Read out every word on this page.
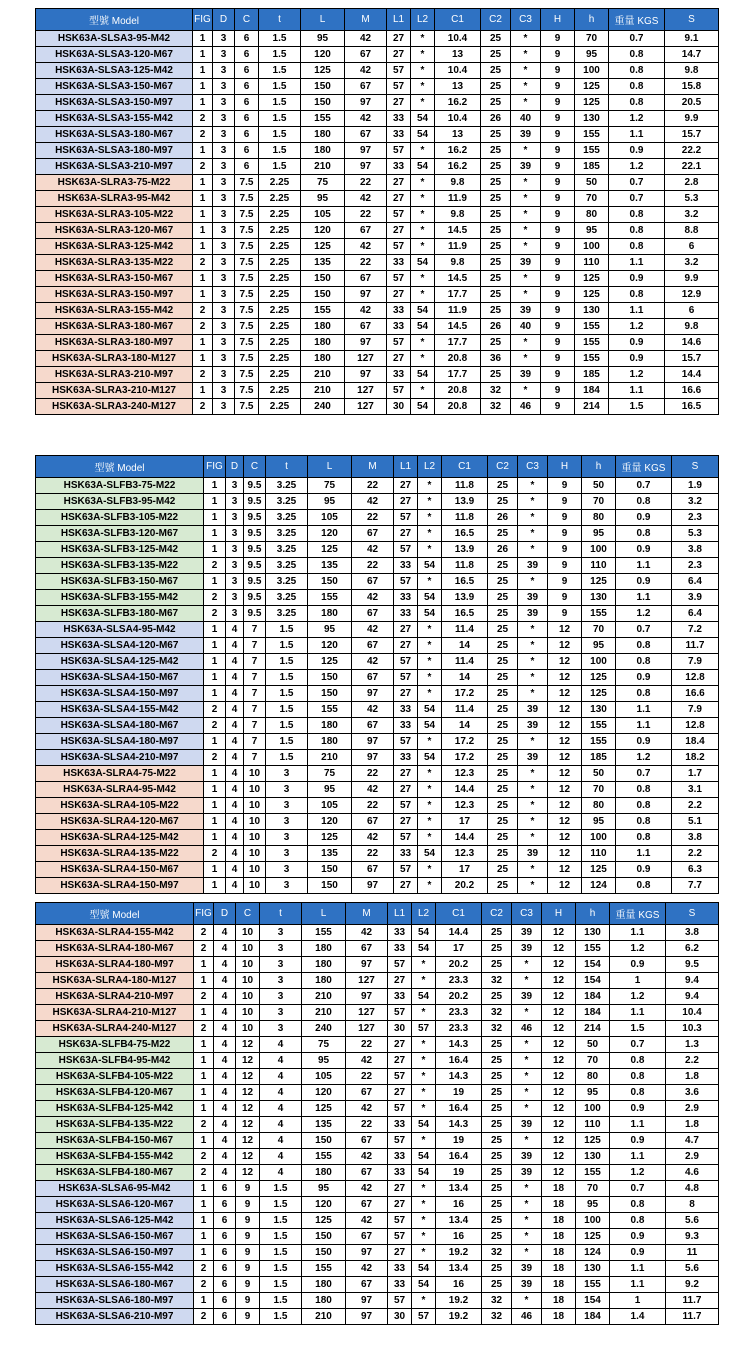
型號 Model	FIG	D	C	t	L	M	L1	L2	C1	C2	C3	H	h	重量 KGS	S
HSK63A-SLSA3-95-M42	1	3	6	1.5	95	42	27	*	10.4	25	*	9	70	0.7	9.1
HSK63A-SLSA3-120-M67	1	3	6	1.5	120	67	27	*	13	25	*	9	95	0.8	14.7
HSK63A-SLSA3-125-M42	1	3	6	1.5	125	42	57	*	10.4	25	*	9	100	0.8	9.8
HSK63A-SLSA3-150-M67	1	3	6	1.5	150	67	57	*	13	25	*	9	125	0.8	15.8
HSK63A-SLSA3-150-M97	1	3	6	1.5	150	97	27	*	16.2	25	*	9	125	0.8	20.5
HSK63A-SLSA3-155-M42	2	3	6	1.5	155	42	33	54	10.4	26	40	9	130	1.2	9.9
HSK63A-SLSA3-180-M67	2	3	6	1.5	180	67	33	54	13	25	39	9	155	1.1	15.7
HSK63A-SLSA3-180-M97	1	3	6	1.5	180	97	57	*	16.2	25	*	9	155	0.9	22.2
HSK63A-SLSA3-210-M97	2	3	6	1.5	210	97	33	54	16.2	25	39	9	185	1.2	22.1
HSK63A-SLRA3-75-M22	1	3	7.5	2.25	75	22	27	*	9.8	25	*	9	50	0.7	2.8
HSK63A-SLRA3-95-M42	1	3	7.5	2.25	95	42	27	*	11.9	25	*	9	70	0.7	5.3
HSK63A-SLRA3-105-M22	1	3	7.5	2.25	105	22	57	*	9.8	25	*	9	80	0.8	3.2
HSK63A-SLRA3-120-M67	1	3	7.5	2.25	120	67	27	*	14.5	25	*	9	95	0.8	8.8
HSK63A-SLRA3-125-M42	1	3	7.5	2.25	125	42	57	*	11.9	25	*	9	100	0.8	6
HSK63A-SLRA3-135-M22	2	3	7.5	2.25	135	22	33	54	9.8	25	39	9	110	1.1	3.2
HSK63A-SLRA3-150-M67	1	3	7.5	2.25	150	67	57	*	14.5	25	*	9	125	0.9	9.9
HSK63A-SLRA3-150-M97	1	3	7.5	2.25	150	97	27	*	17.7	25	*	9	125	0.8	12.9
HSK63A-SLRA3-155-M42	2	3	7.5	2.25	155	42	33	54	11.9	25	39	9	130	1.1	6
HSK63A-SLRA3-180-M67	2	3	7.5	2.25	180	67	33	54	14.5	26	40	9	155	1.2	9.8
HSK63A-SLRA3-180-M97	1	3	7.5	2.25	180	97	57	*	17.7	25	*	9	155	0.9	14.6
HSK63A-SLRA3-180-M127	1	3	7.5	2.25	180	127	27	*	20.8	36	*	9	155	0.9	15.7
HSK63A-SLRA3-210-M97	2	3	7.5	2.25	210	97	33	54	17.7	25	39	9	185	1.2	14.4
HSK63A-SLRA3-210-M127	1	3	7.5	2.25	210	127	57	*	20.8	32	*	9	184	1.1	16.6
HSK63A-SLRA3-240-M127	2	3	7.5	2.25	240	127	30	54	20.8	32	46	9	214	1.5	16.5
型號 Model	FIG	D	C	t	L	M	L1	L2	C1	C2	C3	H	h	重量 KGS	S
HSK63A-SLFB3-75-M22	1	3	9.5	3.25	75	22	27	*	11.8	25	*	9	50	0.7	1.9
HSK63A-SLFB3-95-M42	1	3	9.5	3.25	95	42	27	*	13.9	25	*	9	70	0.8	3.2
HSK63A-SLFB3-105-M22	1	3	9.5	3.25	105	22	57	*	11.8	26	*	9	80	0.9	2.3
HSK63A-SLFB3-120-M67	1	3	9.5	3.25	120	67	27	*	16.5	25	*	9	95	0.8	5.3
HSK63A-SLFB3-125-M42	1	3	9.5	3.25	125	42	57	*	13.9	26	*	9	100	0.9	3.8
HSK63A-SLFB3-135-M22	2	3	9.5	3.25	135	22	33	54	11.8	25	39	9	110	1.1	2.3
HSK63A-SLFB3-150-M67	1	3	9.5	3.25	150	67	57	*	16.5	25	*	9	125	0.9	6.4
HSK63A-SLFB3-155-M42	2	3	9.5	3.25	155	42	33	54	13.9	25	39	9	130	1.1	3.9
HSK63A-SLFB3-180-M67	2	3	9.5	3.25	180	67	33	54	16.5	25	39	9	155	1.2	6.4
HSK63A-SLSA4-95-M42	1	4	7	1.5	95	42	27	*	11.4	25	*	12	70	0.7	7.2
HSK63A-SLSA4-120-M67	1	4	7	1.5	120	67	27	*	14	25	*	12	95	0.8	11.7
HSK63A-SLSA4-125-M42	1	4	7	1.5	125	42	57	*	11.4	25	*	12	100	0.8	7.9
HSK63A-SLSA4-150-M67	1	4	7	1.5	150	67	57	*	14	25	*	12	125	0.9	12.8
HSK63A-SLSA4-150-M97	1	4	7	1.5	150	97	27	*	17.2	25	*	12	125	0.8	16.6
HSK63A-SLSA4-155-M42	2	4	7	1.5	155	42	33	54	11.4	25	39	12	130	1.1	7.9
HSK63A-SLSA4-180-M67	2	4	7	1.5	180	67	33	54	14	25	39	12	155	1.1	12.8
HSK63A-SLSA4-180-M97	1	4	7	1.5	180	97	57	*	17.2	25	*	12	155	0.9	18.4
HSK63A-SLSA4-210-M97	2	4	7	1.5	210	97	33	54	17.2	25	39	12	185	1.2	18.2
HSK63A-SLRA4-75-M22	1	4	10	3	75	22	27	*	12.3	25	*	12	50	0.7	1.7
HSK63A-SLRA4-95-M42	1	4	10	3	95	42	27	*	14.4	25	*	12	70	0.8	3.1
HSK63A-SLRA4-105-M22	1	4	10	3	105	22	57	*	12.3	25	*	12	80	0.8	2.2
HSK63A-SLRA4-120-M67	1	4	10	3	120	67	27	*	17	25	*	12	95	0.8	5.1
HSK63A-SLRA4-125-M42	1	4	10	3	125	42	57	*	14.4	25	*	12	100	0.8	3.8
HSK63A-SLRA4-135-M22	2	4	10	3	135	22	33	54	12.3	25	39	12	110	1.1	2.2
HSK63A-SLRA4-150-M67	1	4	10	3	150	67	57	*	17	25	*	12	125	0.9	6.3
HSK63A-SLRA4-150-M97	1	4	10	3	150	97	27	*	20.2	25	*	12	124	0.8	7.7
型號 Model	FIG	D	C	t	L	M	L1	L2	C1	C2	C3	H	h	重量 KGS	S
HSK63A-SLRA4-155-M42	2	4	10	3	155	42	33	54	14.4	25	39	12	130	1.1	3.8
HSK63A-SLRA4-180-M67	2	4	10	3	180	67	33	54	17	25	39	12	155	1.2	6.2
HSK63A-SLRA4-180-M97	1	4	10	3	180	97	57	*	20.2	25	*	12	154	0.9	9.5
HSK63A-SLRA4-180-M127	1	4	10	3	180	127	27	*	23.3	32	*	12	154	1	9.4
HSK63A-SLRA4-210-M97	2	4	10	3	210	97	33	54	20.2	25	39	12	184	1.2	9.4
HSK63A-SLRA4-210-M127	1	4	10	3	210	127	57	*	23.3	32	*	12	184	1.1	10.4
HSK63A-SLRA4-240-M127	2	4	10	3	240	127	30	57	23.3	32	46	12	214	1.5	10.3
HSK63A-SLFB4-75-M22	1	4	12	4	75	22	27	*	14.3	25	*	12	50	0.7	1.3
HSK63A-SLFB4-95-M42	1	4	12	4	95	42	27	*	16.4	25	*	12	70	0.8	2.2
HSK63A-SLFB4-105-M22	1	4	12	4	105	22	57	*	14.3	25	*	12	80	0.8	1.8
HSK63A-SLFB4-120-M67	1	4	12	4	120	67	27	*	19	25	*	12	95	0.8	3.6
HSK63A-SLFB4-125-M42	1	4	12	4	125	42	57	*	16.4	25	*	12	100	0.9	2.9
HSK63A-SLFB4-135-M22	2	4	12	4	135	22	33	54	14.3	25	39	12	110	1.1	1.8
HSK63A-SLFB4-150-M67	1	4	12	4	150	67	57	*	19	25	*	12	125	0.9	4.7
HSK63A-SLFB4-155-M42	2	4	12	4	155	42	33	54	16.4	25	39	12	130	1.1	2.9
HSK63A-SLFB4-180-M67	2	4	12	4	180	67	33	54	19	25	39	12	155	1.2	4.6
HSK63A-SLSA6-95-M42	1	6	9	1.5	95	42	27	*	13.4	25	*	18	70	0.7	4.8
HSK63A-SLSA6-120-M67	1	6	9	1.5	120	67	27	*	16	25	*	18	95	0.8	8
HSK63A-SLSA6-125-M42	1	6	9	1.5	125	42	57	*	13.4	25	*	18	100	0.8	5.6
HSK63A-SLSA6-150-M67	1	6	9	1.5	150	67	57	*	16	25	*	18	125	0.9	9.3
HSK63A-SLSA6-150-M97	1	6	9	1.5	150	97	27	*	19.2	32	*	18	124	0.9	11
HSK63A-SLSA6-155-M42	2	6	9	1.5	155	42	33	54	13.4	25	39	18	130	1.1	5.6
HSK63A-SLSA6-180-M67	2	6	9	1.5	180	67	33	54	16	25	39	18	155	1.1	9.2
HSK63A-SLSA6-180-M97	1	6	9	1.5	180	97	57	*	19.2	32	*	18	154	1	11.7
HSK63A-SLSA6-210-M97	2	6	9	1.5	210	97	30	57	19.2	32	46	18	184	1.4	11.7
